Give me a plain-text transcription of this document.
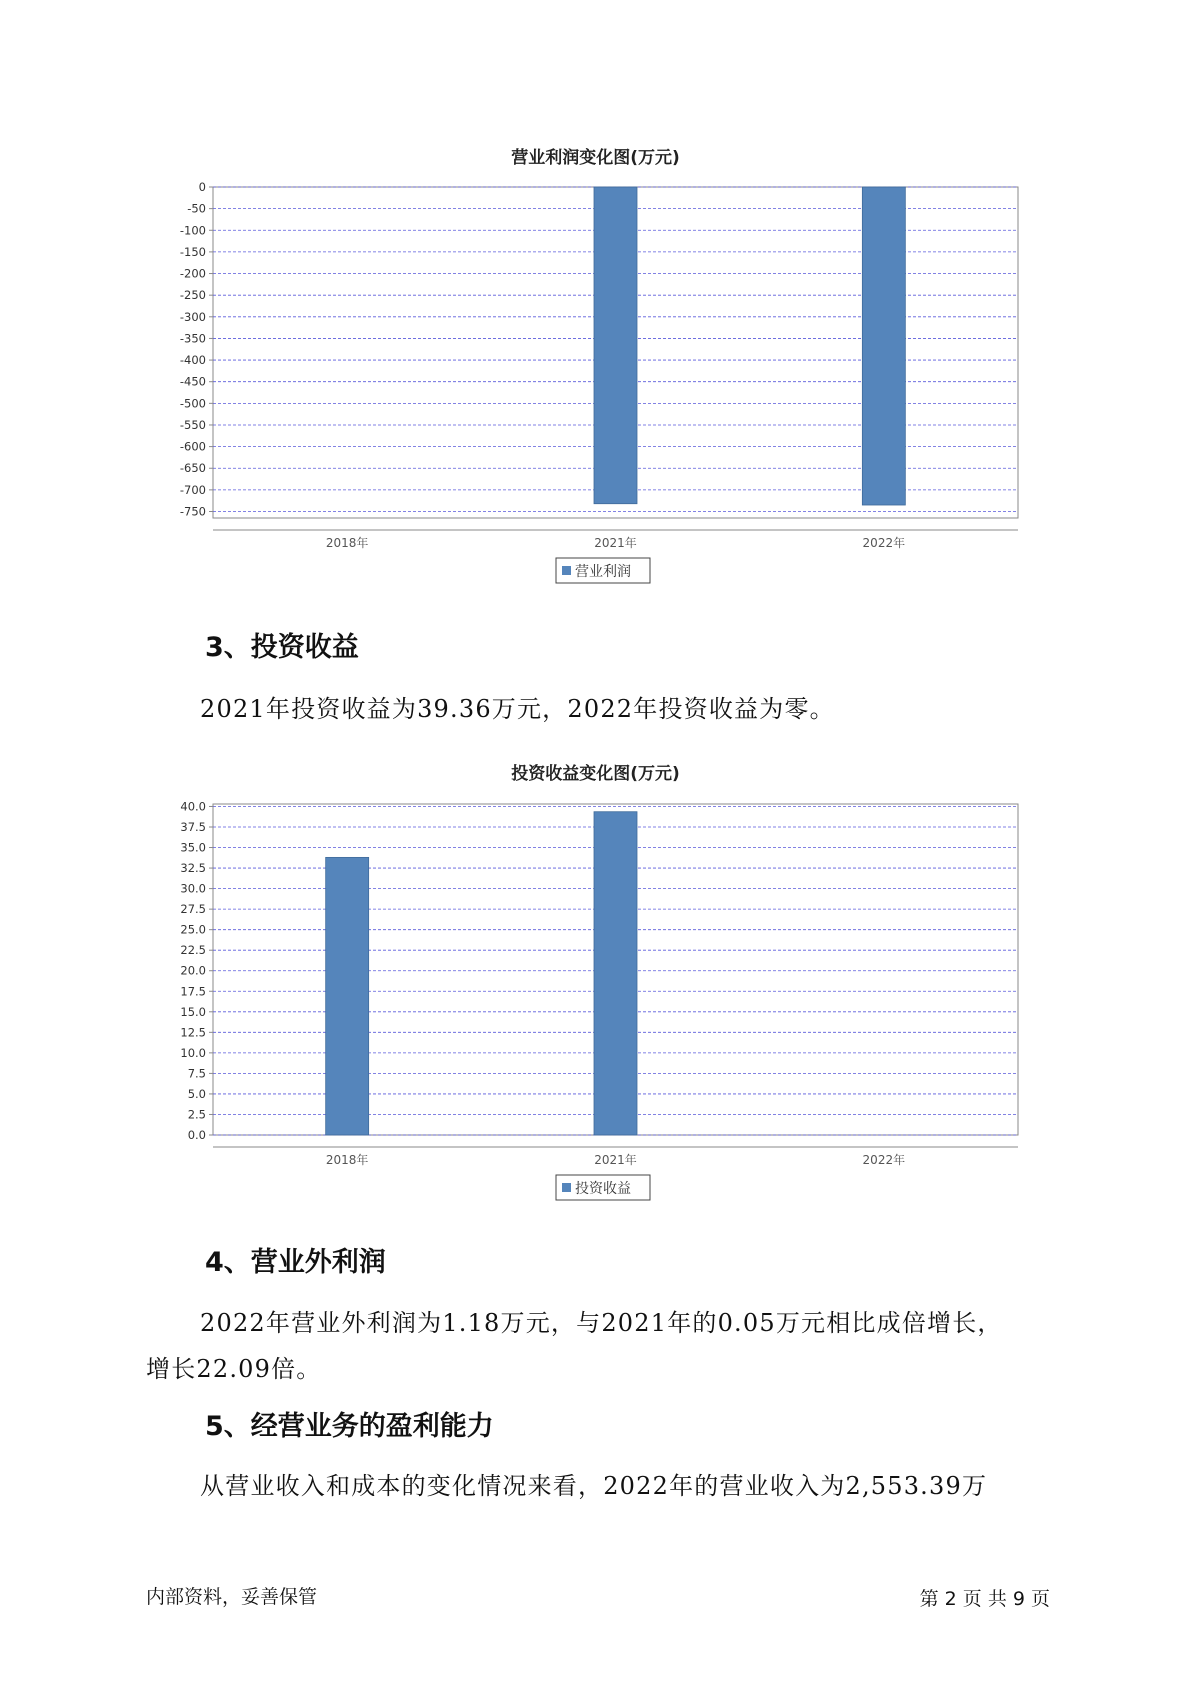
营业利润变化图(万元)
0
-50
-100
-150
-200
-250
-300
-350
-400
-450
-500
-550
-600
-650
-700
-750
2018年	2021年	2022年
营业利润
3、投资收益
2021年投资收益为39.36万元，2022年投资收益为零。
投资收益变化图(万元)
0.0
2.5
5.0
7.5
10.0
12.5
15.0
17.5
20.0
22.5
25.0
27.5
30.0
32.5
35.0
37.5
40.0
2018年	2021年	2022年
投资收益
4、营业外利润
2022年营业外利润为1.18万元，与2021年的0.05万元相比成倍增长，
增长22.09倍。
5、经营业务的盈利能力
从营业收入和成本的变化情况来看，2022年的营业收入为2,553.39万
内部资料，妥善保管	第 2 页 共 9 页
